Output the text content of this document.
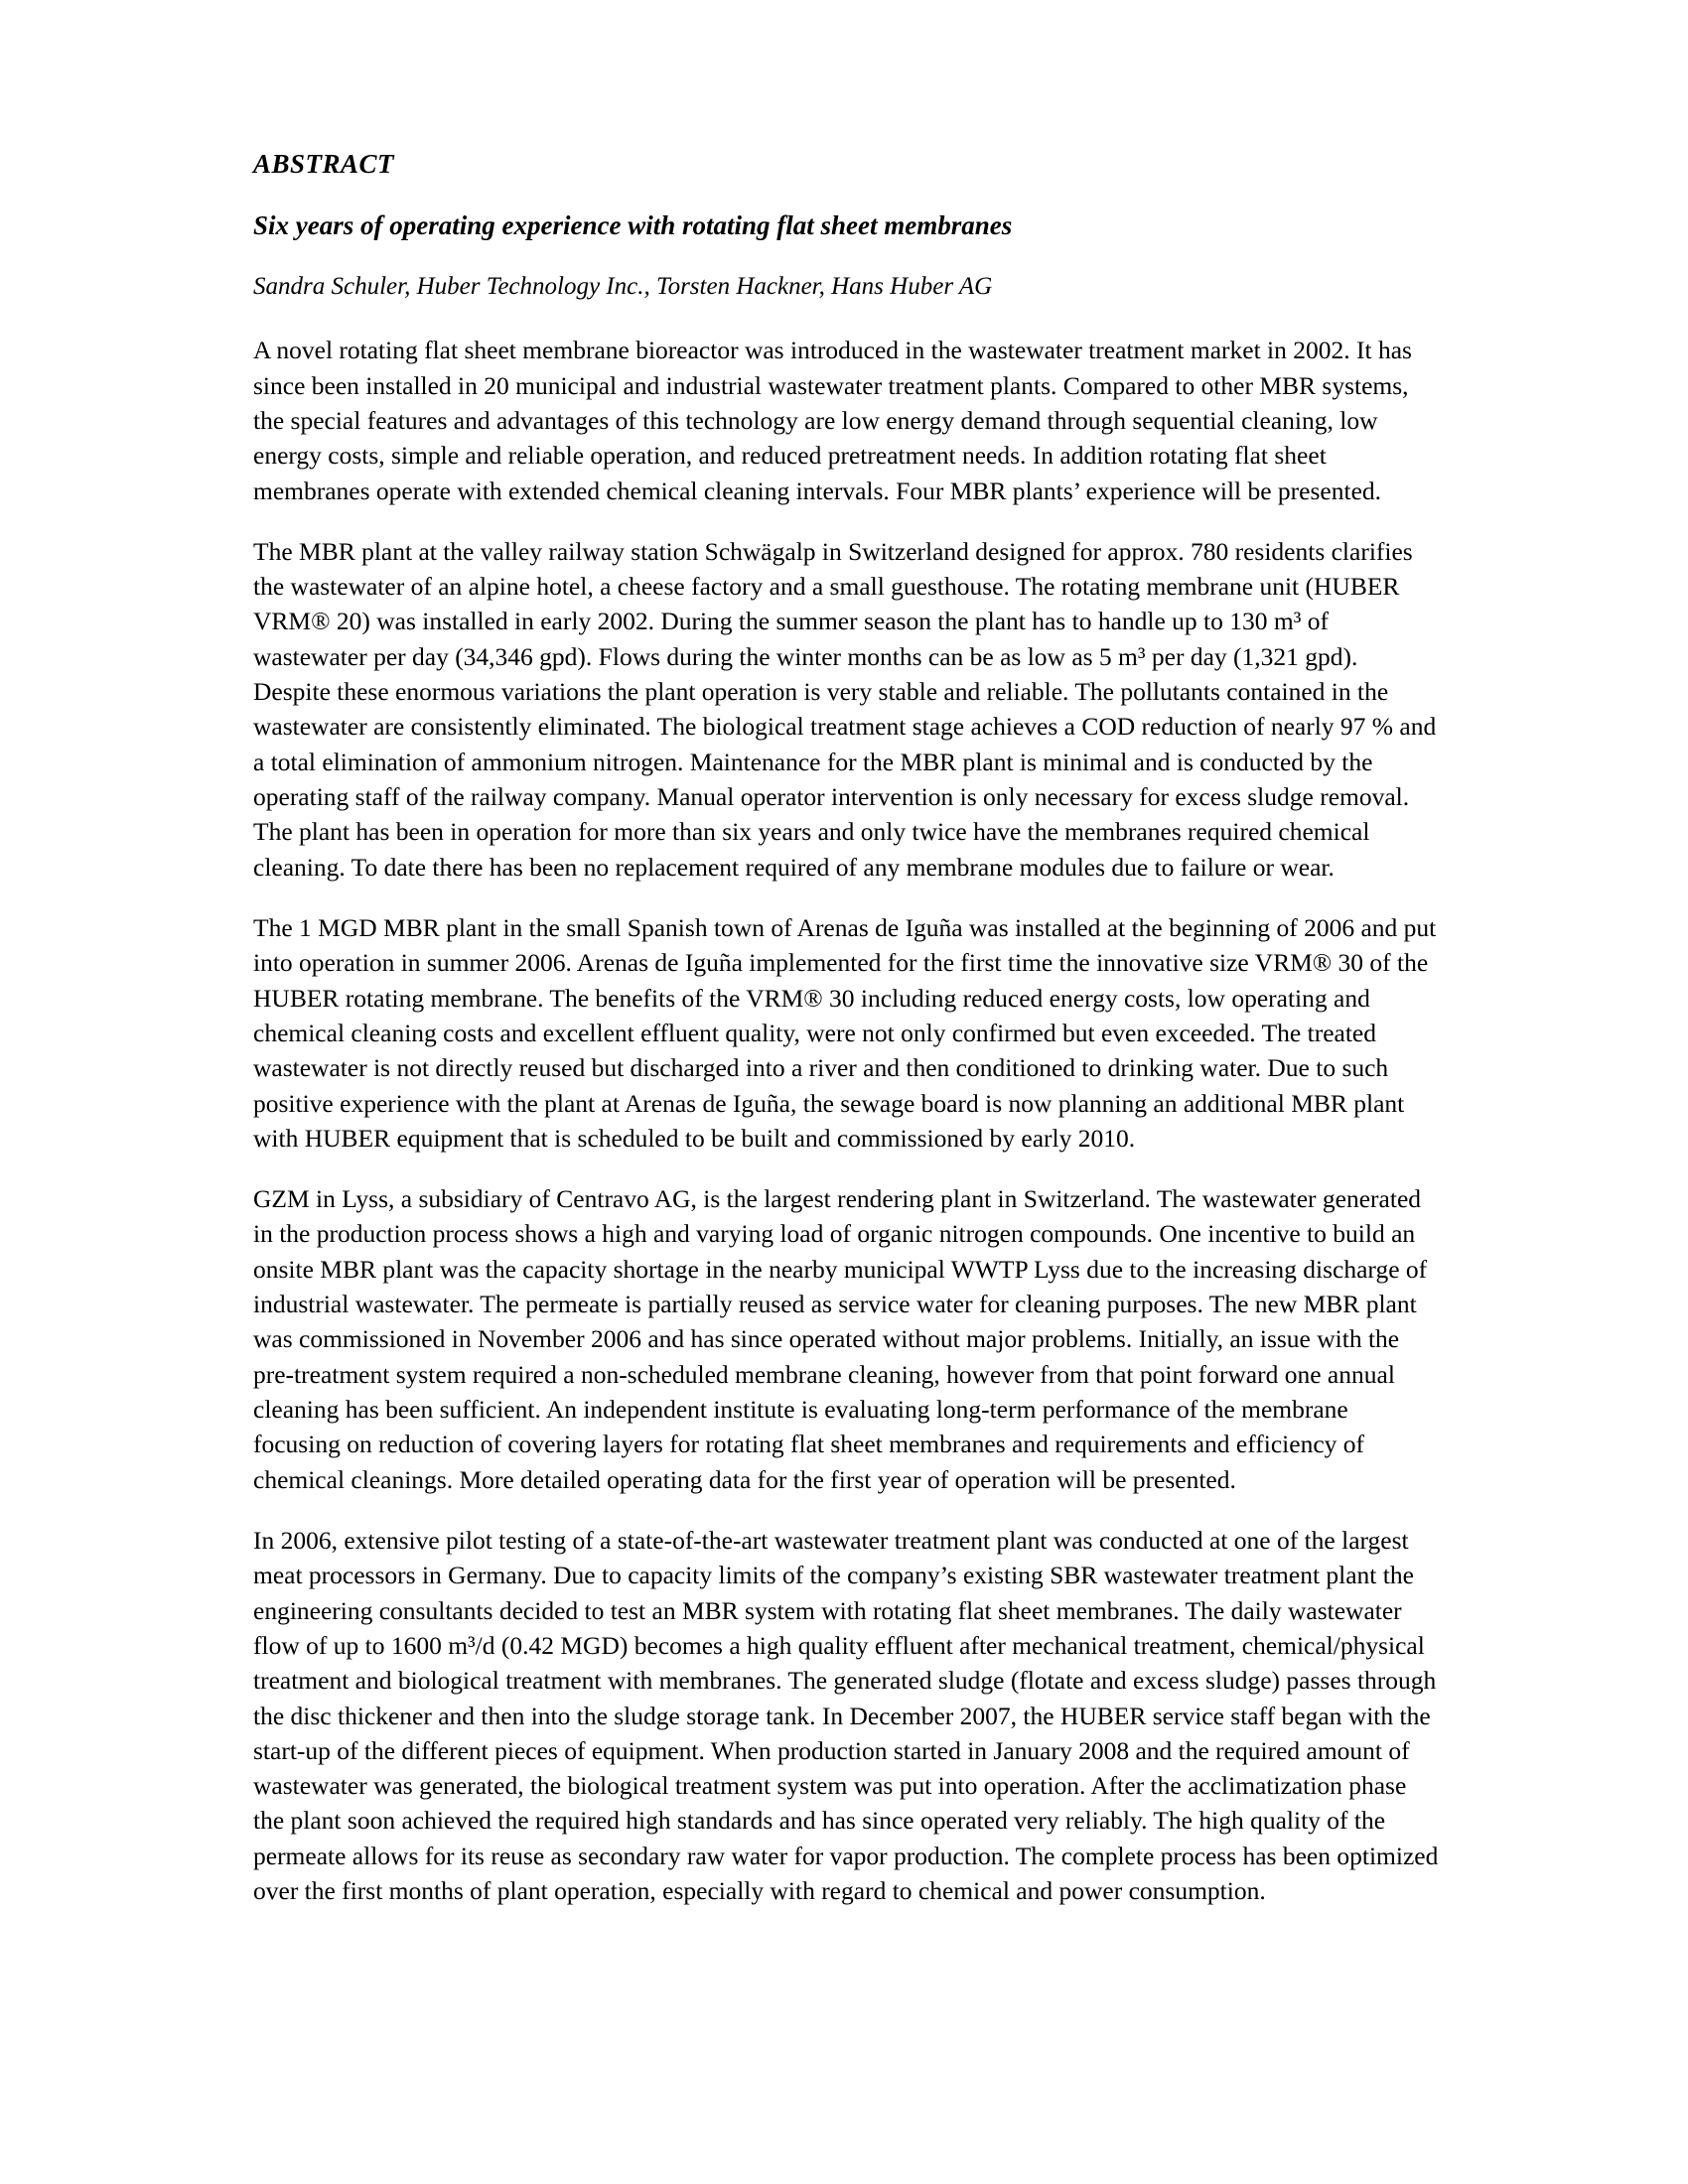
ABSTRACT
Six years of operating experience with rotating flat sheet membranes
Sandra Schuler, Huber Technology Inc., Torsten Hackner, Hans Huber AG

A novel rotating flat sheet membrane bioreactor was introduced in the wastewater treatment market in 2002. It has since been installed in 20 municipal and industrial wastewater treatment plants. Compared to other MBR systems, the special features and advantages of this technology are low energy demand through sequential cleaning, low energy costs, simple and reliable operation, and reduced pretreatment needs. In addition rotating flat sheet membranes operate with extended chemical cleaning intervals. Four MBR plants’ experience will be presented.

The MBR plant at the valley railway station Schwägalp in Switzerland designed for approx. 780 residents clarifies the wastewater of an alpine hotel, a cheese factory and a small guesthouse. The rotating membrane unit (HUBER VRM® 20) was installed in early 2002. During the summer season the plant has to handle up to 130 m³ of wastewater per day (34,346 gpd). Flows during the winter months can be as low as 5 m³ per day (1,321 gpd). Despite these enormous variations the plant operation is very stable and reliable. The pollutants contained in the wastewater are consistently eliminated. The biological treatment stage achieves a COD reduction of nearly 97 % and a total elimination of ammonium nitrogen. Maintenance for the MBR plant is minimal and is conducted by the operating staff of the railway company. Manual operator intervention is only necessary for excess sludge removal. The plant has been in operation for more than six years and only twice have the membranes required chemical cleaning. To date there has been no replacement required of any membrane modules due to failure or wear.

The 1 MGD MBR plant in the small Spanish town of Arenas de Iguña was installed at the beginning of 2006 and put into operation in summer 2006. Arenas de Iguña implemented for the first time the innovative size VRM® 30 of the HUBER rotating membrane. The benefits of the VRM® 30 including reduced energy costs, low operating and chemical cleaning costs and excellent effluent quality, were not only confirmed but even exceeded. The treated wastewater is not directly reused but discharged into a river and then conditioned to drinking water. Due to such positive experience with the plant at Arenas de Iguña, the sewage board is now planning an additional MBR plant with HUBER equipment that is scheduled to be built and commissioned by early 2010.

GZM in Lyss, a subsidiary of Centravo AG, is the largest rendering plant in Switzerland. The wastewater generated in the production process shows a high and varying load of organic nitrogen compounds. One incentive to build an onsite MBR plant was the capacity shortage in the nearby municipal WWTP Lyss due to the increasing discharge of industrial wastewater. The permeate is partially reused as service water for cleaning purposes. The new MBR plant was commissioned in November 2006 and has since operated without major problems. Initially, an issue with the pre-treatment system required a non-scheduled membrane cleaning, however from that point forward one annual cleaning has been sufficient. An independent institute is evaluating long-term performance of the membrane focusing on reduction of covering layers for rotating flat sheet membranes and requirements and efficiency of chemical cleanings. More detailed operating data for the first year of operation will be presented.

In 2006, extensive pilot testing of a state-of-the-art wastewater treatment plant was conducted at one of the largest meat processors in Germany. Due to capacity limits of the company’s existing SBR wastewater treatment plant the engineering consultants decided to test an MBR system with rotating flat sheet membranes. The daily wastewater flow of up to 1600 m³/d (0.42 MGD) becomes a high quality effluent after mechanical treatment, chemical/physical treatment and biological treatment with membranes. The generated sludge (flotate and excess sludge) passes through the disc thickener and then into the sludge storage tank. In December 2007, the HUBER service staff began with the start-up of the different pieces of equipment. When production started in January 2008 and the required amount of wastewater was generated, the biological treatment system was put into operation. After the acclimatization phase the plant soon achieved the required high standards and has since operated very reliably. The high quality of the permeate allows for its reuse as secondary raw water for vapor production. The complete process has been optimized over the first months of plant operation, especially with regard to chemical and power consumption.
